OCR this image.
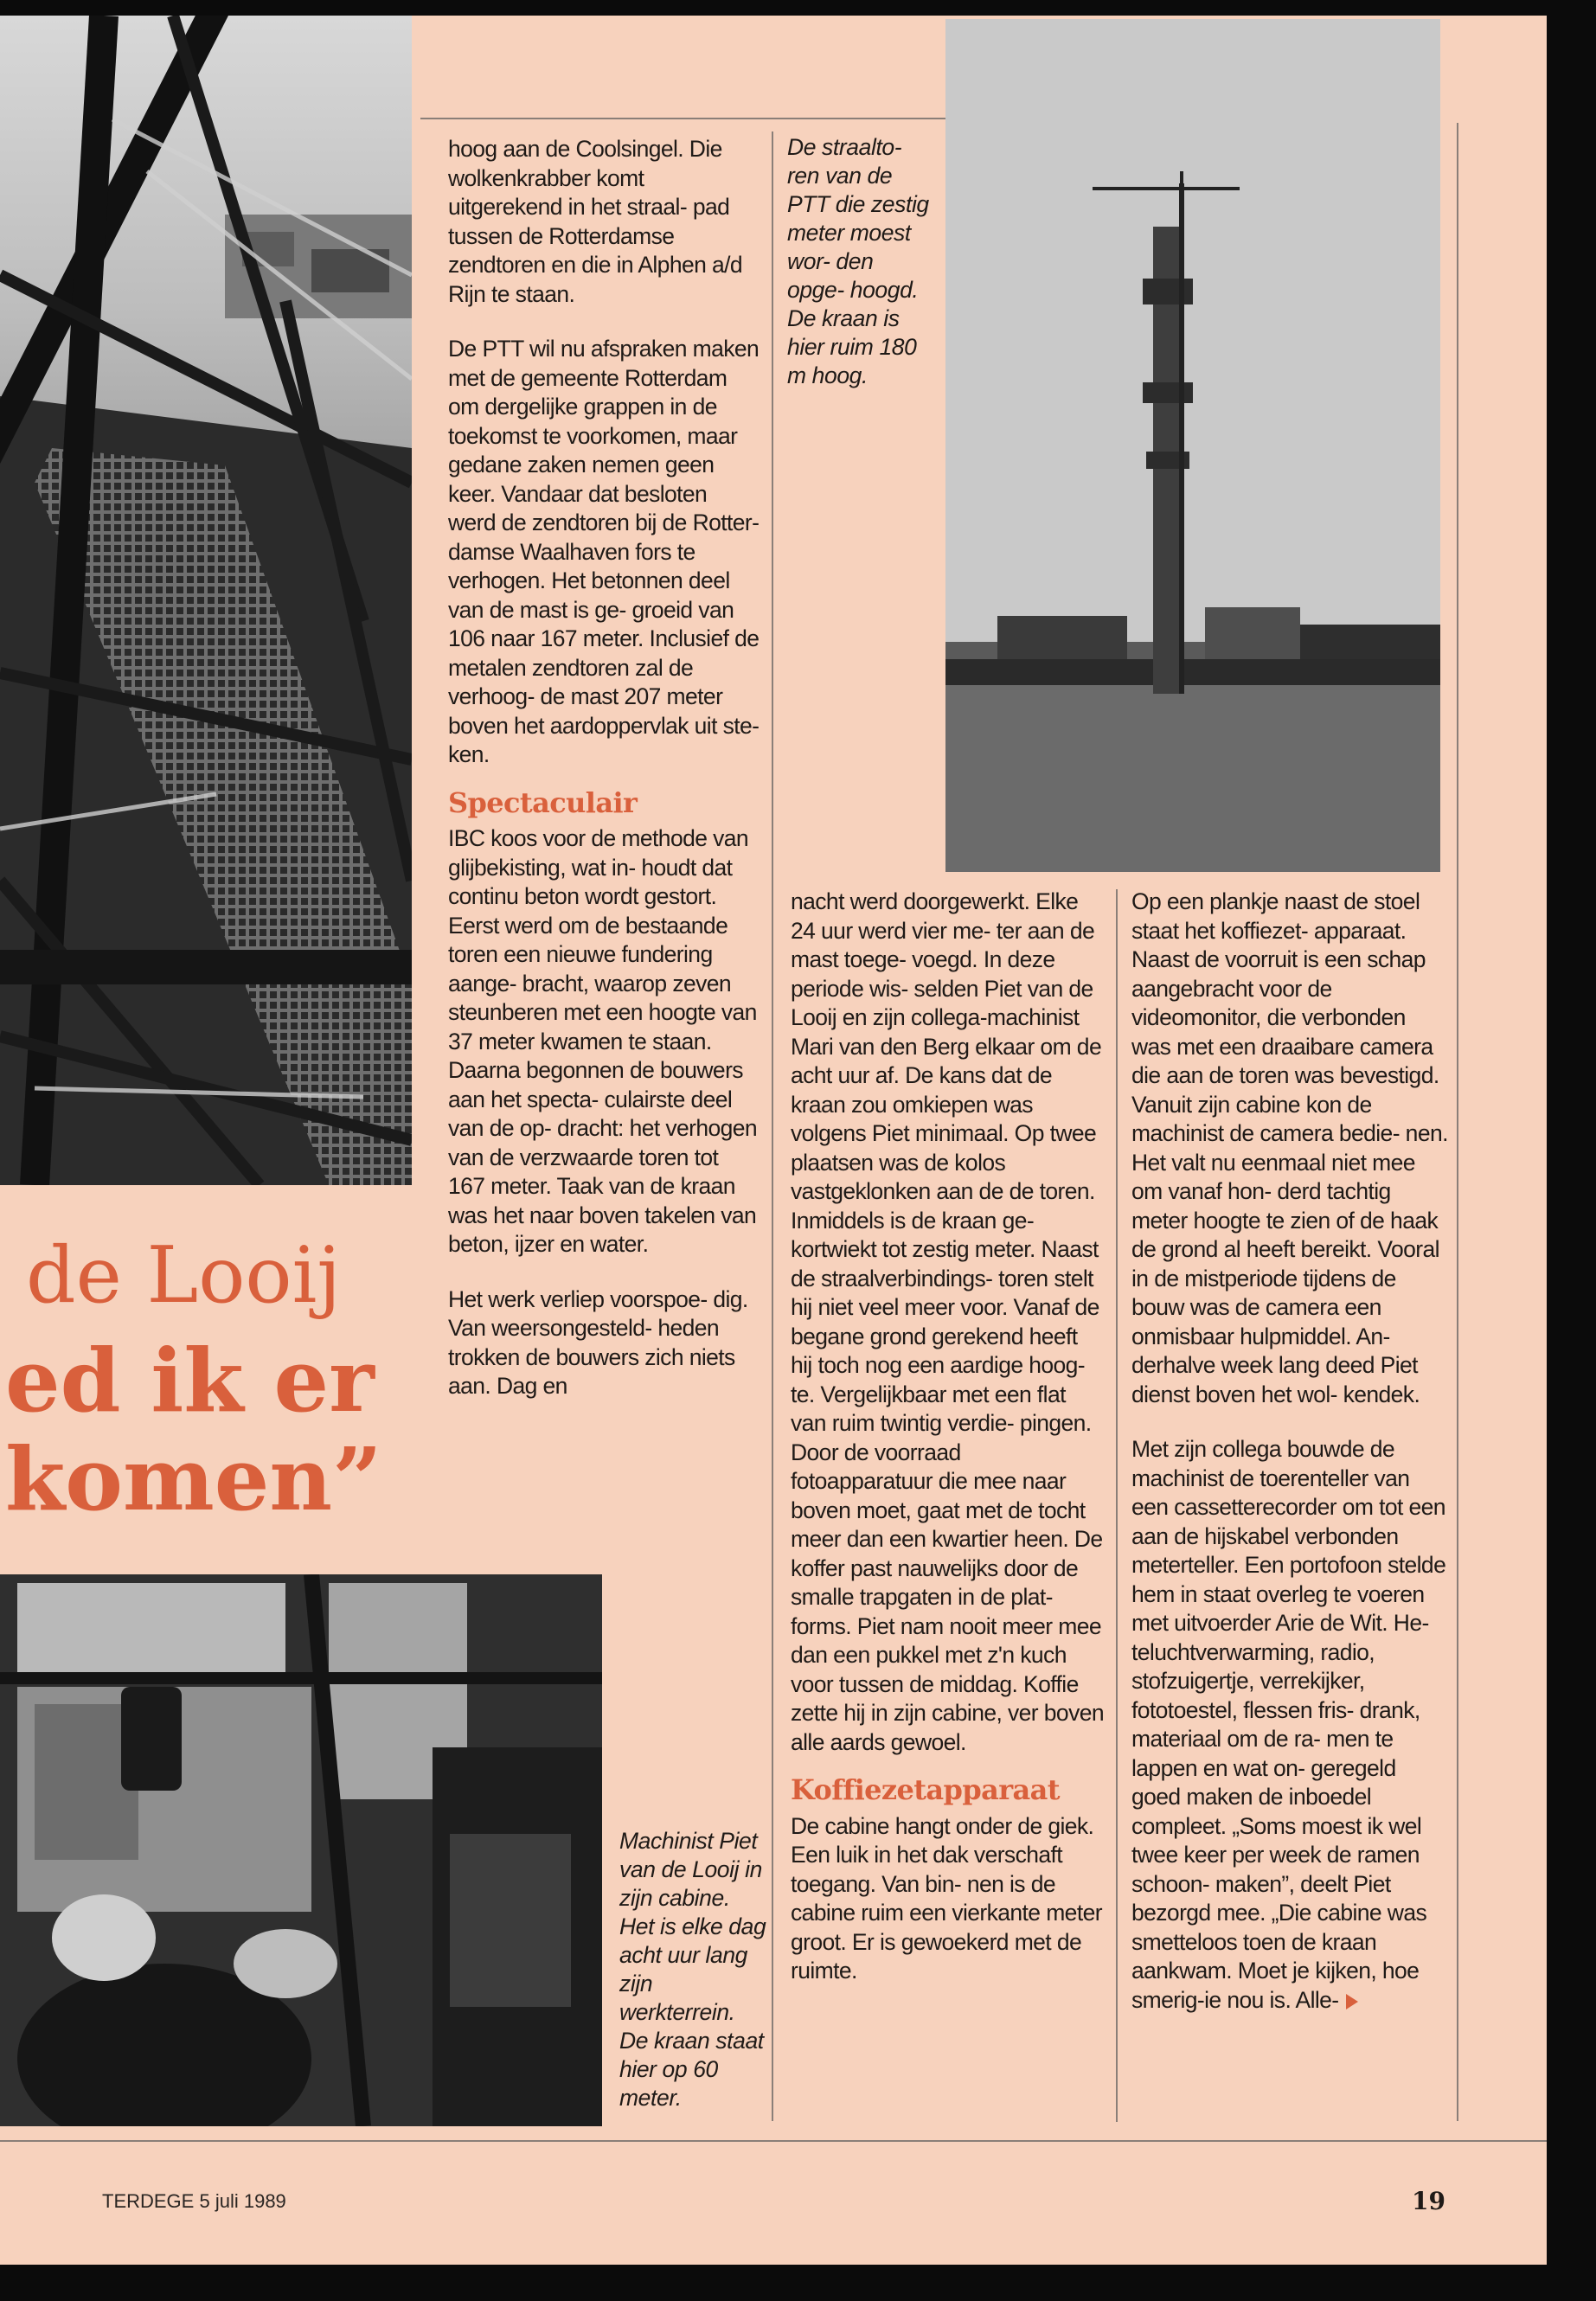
de Looij
ed ik er
komen”

hoog aan de Coolsingel. Die wolkenkrabber komt uitgerekend in het straal- pad tussen de Rotterdamse zendtoren en die in Alphen a/d Rijn te staan.

De PTT wil nu afspraken maken met de gemeente Rotterdam om dergelijke grappen in de toekomst te voorkomen, maar gedane zaken nemen geen keer. Vandaar dat besloten werd de zendtoren bij de Rotter- damse Waalhaven fors te verhogen. Het betonnen deel van de mast is ge- groeid van 106 naar 167 meter. Inclusief de metalen zendtoren zal de verhoog- de mast 207 meter boven het aardoppervlak uit ste- ken.

Spectaculair

IBC koos voor de methode van glijbekisting, wat in- houdt dat continu beton wordt gestort. Eerst werd om de bestaande toren een nieuwe fundering aange- bracht, waarop zeven steunberen met een hoogte van 37 meter kwamen te staan. Daarna begonnen de bouwers aan het specta- culairste deel van de op- dracht: het verhogen van de verzwaarde toren tot 167 meter. Taak van de kraan was het naar boven takelen van beton, ijzer en water.

Het werk verliep voorspoe- dig. Van weersongesteld- heden trokken de bouwers zich niets aan. Dag en

De straalto- ren van de PTT die zestig meter moest wor- den opge- hoogd. De kraan is hier ruim 180 m hoog.

nacht werd doorgewerkt. Elke 24 uur werd vier me- ter aan de mast toege- voegd. In deze periode wis- selden Piet van de Looij en zijn collega-machinist Mari van den Berg elkaar om de acht uur af. De kans dat de kraan zou omkiepen was volgens Piet minimaal. Op twee plaatsen was de kolos vastgeklonken aan de de toren.

Inmiddels is de kraan ge- kortwiekt tot zestig meter. Naast de straalverbindings- toren stelt hij niet veel meer voor. Vanaf de begane grond gerekend heeft hij toch nog een aardige hoog- te. Vergelijkbaar met een flat van ruim twintig verdie- pingen. Door de voorraad fotoapparatuur die mee naar boven moet, gaat met de tocht meer dan een kwartier heen. De koffer past nauwelijks door de smalle trapgaten in de plat- forms. Piet nam nooit meer mee dan een pukkel met z'n kuch voor tussen de middag. Koffie zette hij in zijn cabine, ver boven alle aards gewoel.

Koffiezetapparaat

De cabine hangt onder de giek. Een luik in het dak verschaft toegang. Van bin- nen is de cabine ruim een vierkante meter groot. Er is gewoekerd met de ruimte.

Op een plankje naast de stoel staat het koffiezet- apparaat. Naast de voorruit is een schap aangebracht voor de videomonitor, die verbonden was met een draaibare camera die aan de toren was bevestigd. Vanuit zijn cabine kon de machinist de camera bedie- nen. Het valt nu eenmaal niet mee om vanaf hon- derd tachtig meter hoogte te zien of de haak de grond al heeft bereikt. Vooral in de mistperiode tijdens de bouw was de camera een onmisbaar hulpmiddel. An- derhalve week lang deed Piet dienst boven het wol- kendek.

Met zijn collega bouwde de machinist de toerenteller van een cassetterecorder om tot een aan de hijskabel verbonden meterteller. Een portofoon stelde hem in staat overleg te voeren met uitvoerder Arie de Wit. He- teluchtverwarming, radio, stofzuigertje, verrekijker, fototoestel, flessen fris- drank, materiaal om de ra- men te lappen en wat on- geregeld goed maken de inboedel compleet. „Soms moest ik wel twee keer per week de ramen schoon- maken”, deelt Piet bezorgd mee. „Die cabine was smetteloos toen de kraan aankwam. Moet je kijken, hoe smerig-ie nou is. Alle-

Machinist Piet van de Looij in zijn cabine. Het is elke dag acht uur lang zijn werkterrein. De kraan staat hier op 60 meter.
TERDEGE 5 juli 1989	19
